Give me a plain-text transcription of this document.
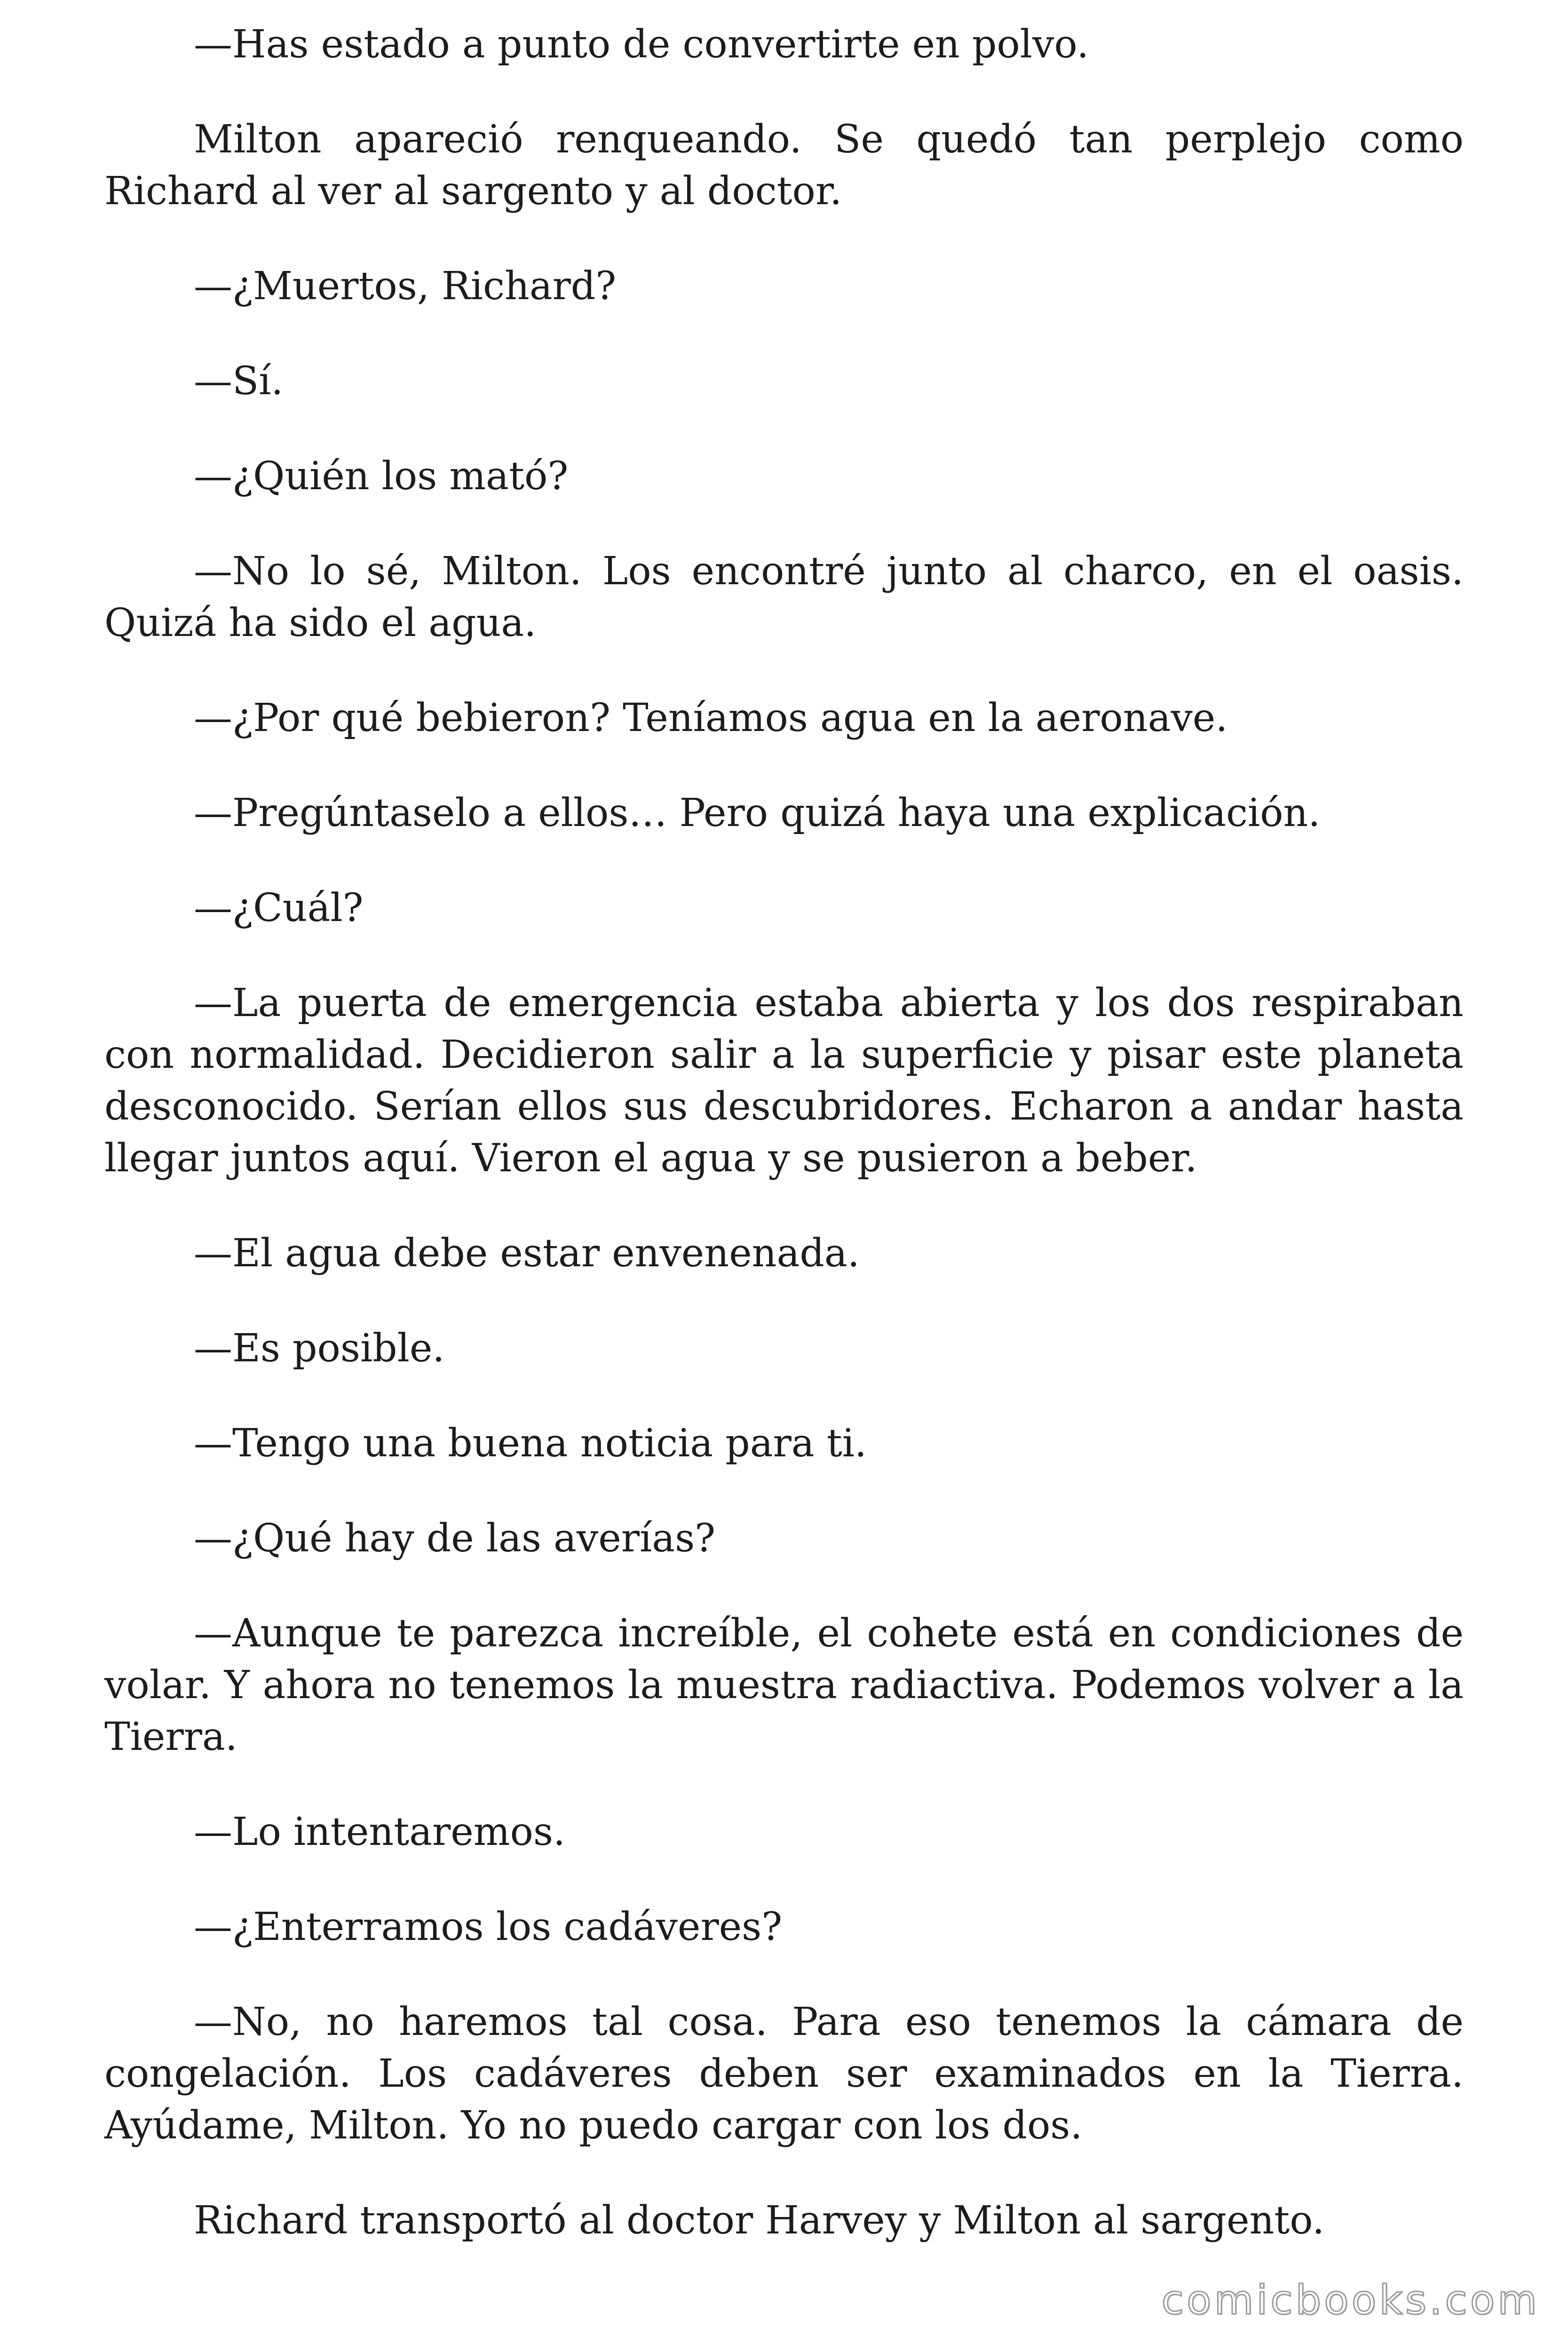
—Has estado a punto de convertirte en polvo.

Milton apareció renqueando. Se quedó tan perplejo como Richard al ver al sargento y al doctor.

—¿Muertos, Richard?

—Sí.

—¿Quién los mató?

—No lo sé, Milton. Los encontré junto al charco, en el oasis. Quizá ha sido el agua.

—¿Por qué bebieron? Teníamos agua en la aeronave.

—Pregúntaselo a ellos… Pero quizá haya una explicación.

—¿Cuál?

—La puerta de emergencia estaba abierta y los dos respiraban con normalidad. Decidieron salir a la superficie y pisar este planeta desconocido. Serían ellos sus descubridores. Echaron a andar hasta llegar juntos aquí. Vieron el agua y se pusieron a beber.

—El agua debe estar envenenada.

—Es posible.

—Tengo una buena noticia para ti.

—¿Qué hay de las averías?

—Aunque te parezca increíble, el cohete está en condiciones de volar. Y ahora no tenemos la muestra radiactiva. Podemos volver a la Tierra.

—Lo intentaremos.

—¿Enterramos los cadáveres?

—No, no haremos tal cosa. Para eso tenemos la cámara de congelación. Los cadáveres deben ser examinados en la Tierra. Ayúdame, Milton. Yo no puedo cargar con los dos.

Richard transportó al doctor Harvey y Milton al sargento.

comicbooks.com
